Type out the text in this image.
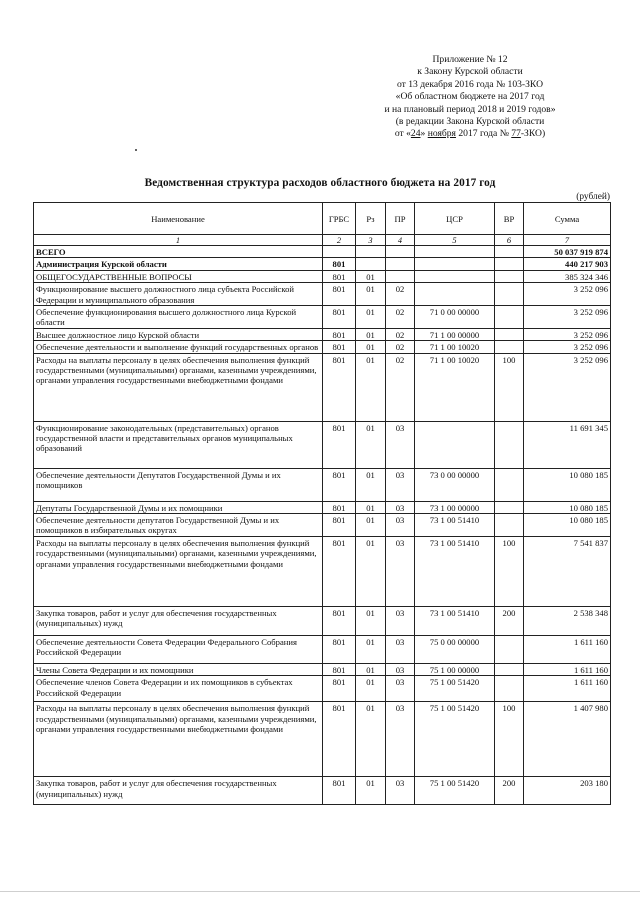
Приложение № 12
к Закону Курской области
от 13 декабря 2016 года № 103-ЗКО
«Об областном бюджете на 2017 год
и на плановый период 2018 и 2019 годов»
(в редакции Закона Курской области
от «24» ноября 2017 года № 77-ЗКО)
Ведомственная структура расходов областного бюджета на 2017 год
(рублей)
Наименование	ГРБС	Рз	ПР	ЦСР	ВР	Сумма
1	2	3	4	5	6	7
ВСЕГО						50 037 919 874
Администрация Курской области	801					440 217 903
ОБЩЕГОСУДАРСТВЕННЫЕ ВОПРОСЫ	801	01				385 324 346
Функционирование высшего должностного лица субъекта Российской Федерации и муниципального образования	801	01	02			3 252 096
Обеспечение функционирования высшего должностного лица Курской области	801	01	02	71 0 00 00000		3 252 096
Высшее должностное лицо Курской области	801	01	02	71 1 00 00000		3 252 096
Обеспечение деятельности и выполнение функций государственных органов	801	01	02	71 1 00 10020		3 252 096
Расходы на выплаты персоналу в целях обеспечения выполнения функций государственными (муниципальными) органами, казенными учреждениями, органами управления государственными внебюджетными фондами	801	01	02	71 1 00 10020	100	3 252 096
Функционирование законодательных (представительных) органов государственной власти и представительных органов муниципальных образований	801	01	03			11 691 345
Обеспечение деятельности Депутатов Государственной Думы и их помощников	801	01	03	73 0 00 00000		10 080 185
Депутаты Государственной Думы и их помощники	801	01	03	73 1 00 00000		10 080 185
Обеспечение деятельности депутатов Государственной Думы и их помощников в избирательных округах	801	01	03	73 1 00 51410		10 080 185
Расходы на выплаты персоналу в целях обеспечения выполнения функций государственными (муниципальными) органами, казенными учреждениями, органами управления государственными внебюджетными фондами	801	01	03	73 1 00 51410	100	7 541 837
Закупка товаров, работ и услуг для обеспечения государственных (муниципальных) нужд	801	01	03	73 1 00 51410	200	2 538 348
Обеспечение деятельности Совета Федерации Федерального Собрания Российской Федерации	801	01	03	75 0 00 00000		1 611 160
Члены Совета Федерации и их помощники	801	01	03	75 1 00 00000		1 611 160
Обеспечение членов Совета Федерации и их помощников в субъектах Российской Федерации	801	01	03	75 1 00 51420		1 611 160
Расходы на выплаты персоналу в целях обеспечения выполнения функций государственными (муниципальными) органами, казенными учреждениями, органами управления государственными внебюджетными фондами	801	01	03	75 1 00 51420	100	1 407 980
Закупка товаров, работ и услуг для обеспечения государственных (муниципальных) нужд	801	01	03	75 1 00 51420	200	203 180
